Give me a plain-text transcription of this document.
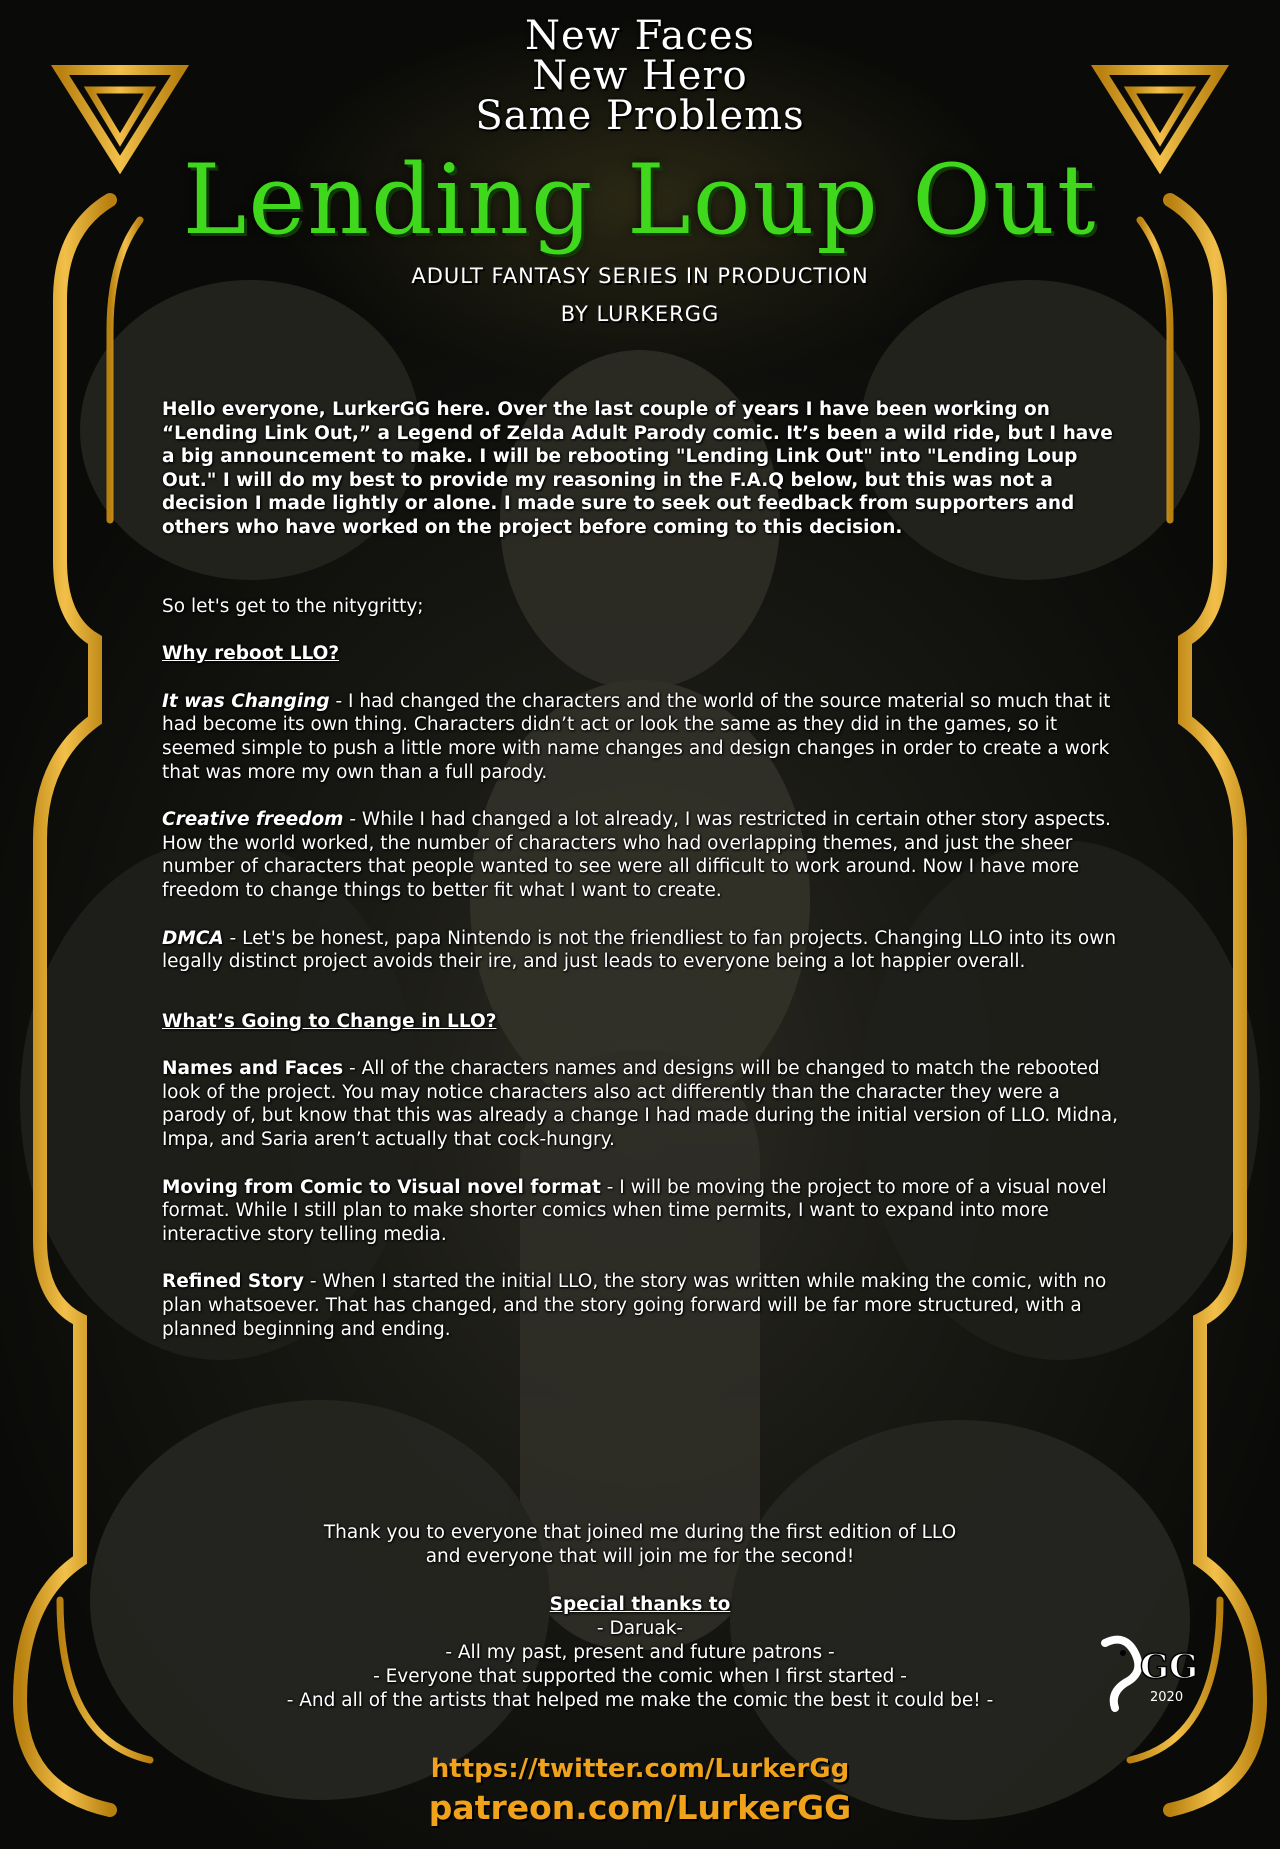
New Faces
New Hero
Same Problems
Lending Loup Out
ADULT FANTASY SERIES IN PRODUCTION
BY LURKERGG

Hello everyone, LurkerGG here. Over the last couple of years I have been working on “Lending Link Out,” a Legend of Zelda Adult Parody comic. It’s been a wild ride, but I have a big announcement to make. I will be rebooting "Lending Link Out" into "Lending Loup Out." I will do my best to provide my reasoning in the F.A.Q below, but this was not a decision I made lightly or alone. I made sure to seek out feedback from supporters and others who have worked on the project before coming to this decision.

So let's get to the nitygritty;

Why reboot LLO?

It was Changing - I had changed the characters and the world of the source material so much that it had become its own thing. Characters didn’t act or look the same as they did in the games, so it seemed simple to push a little more with name changes and design changes in order to create a work that was more my own than a full parody.

Creative freedom - While I had changed a lot already, I was restricted in certain other story aspects. How the world worked, the number of characters who had overlapping themes, and just the sheer number of characters that people wanted to see were all difficult to work around. Now I have more freedom to change things to better fit what I want to create.

DMCA - Let's be honest, papa Nintendo is not the friendliest to fan projects. Changing LLO into its own legally distinct project avoids their ire, and just leads to everyone being a lot happier overall.

What’s Going to Change in LLO?

Names and Faces - All of the characters names and designs will be changed to match the rebooted look of the project. You may notice characters also act differently than the character they were a parody of, but know that this was already a change I had made during the initial version of LLO. Midna, Impa, and Saria aren’t actually that cock-hungry.

Moving from Comic to Visual novel format - I will be moving the project to more of a visual novel format. While I still plan to make shorter comics when time permits, I want to expand into more interactive story telling media.

Refined Story - When I started the initial LLO, the story was written while making the comic, with no plan whatsoever. That has changed, and the story going forward will be far more structured, with a planned beginning and ending.

Thank you to everyone that joined me during the first edition of LLO
and everyone that will join me for the second!
Special thanks to
- Daruak-
- All my past, present and future patrons -
- Everyone that supported the comic when I first started -
- And all of the artists that helped me make the comic the best it could be! -
GG
2020
https://twitter.com/LurkerGg
patreon.com/LurkerGG
